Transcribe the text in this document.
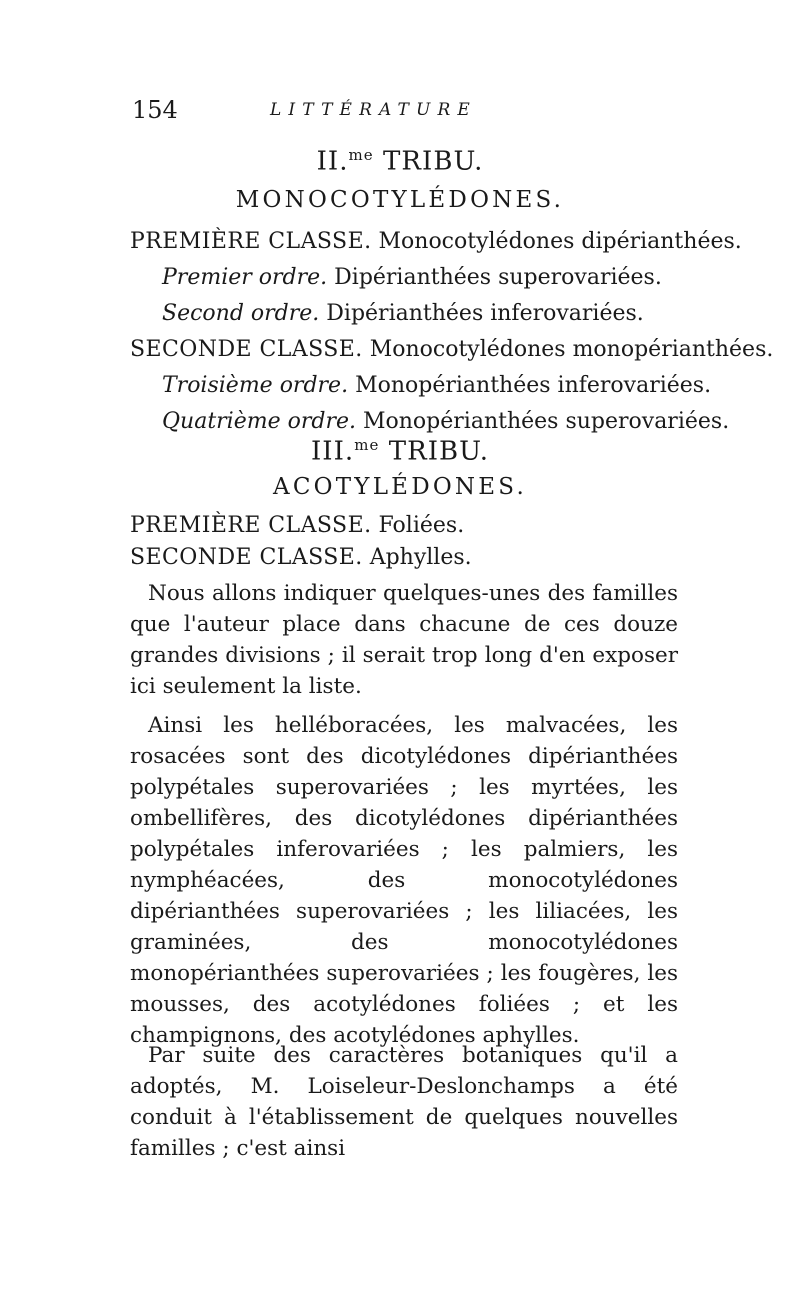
154	LITTÉRATURE
II.$^{me}$ TRIBU.
MONOCOTYLÉDONES.
PREMIÈRE CLASSE. Monocotylédones dipérianthées.
Premier ordre. Dipérianthées superovariées.
Second ordre. Dipérianthées inferovariées.
SECONDE CLASSE. Monocotylédones monopérianthées.
Troisième ordre. Monopérianthées inferovariées.
Quatrième ordre. Monopérianthées superovariées.
III.$^{me}$ TRIBU.
ACOTYLÉDONES.
PREMIÈRE CLASSE. Foliées.
SECONDE CLASSE. Aphylles.

Nous allons indiquer quelques-unes des familles que l'auteur place dans chacune de ces douze grandes divisions ; il serait trop long d'en exposer ici seulement la liste.

Ainsi les helléboracées, les malvacées, les rosacées sont des dicotylédones dipérianthées polypétales superovariées ; les myrtées, les ombellifères, des dicotylédones dipérianthées polypétales inferovariées ; les palmiers, les nymphéacées, des monocotylédones dipérianthées superovariées ; les liliacées, les graminées, des monocotylédones monopérianthées superovariées ; les fougères, les mousses, des acotylédones foliées ; et les champignons, des acotylédones aphylles.

Par suite des caractères botaniques qu'il a adoptés, M. Loiseleur-Deslonchamps a été conduit à l'établissement de quelques nouvelles familles ; c'est ainsi
